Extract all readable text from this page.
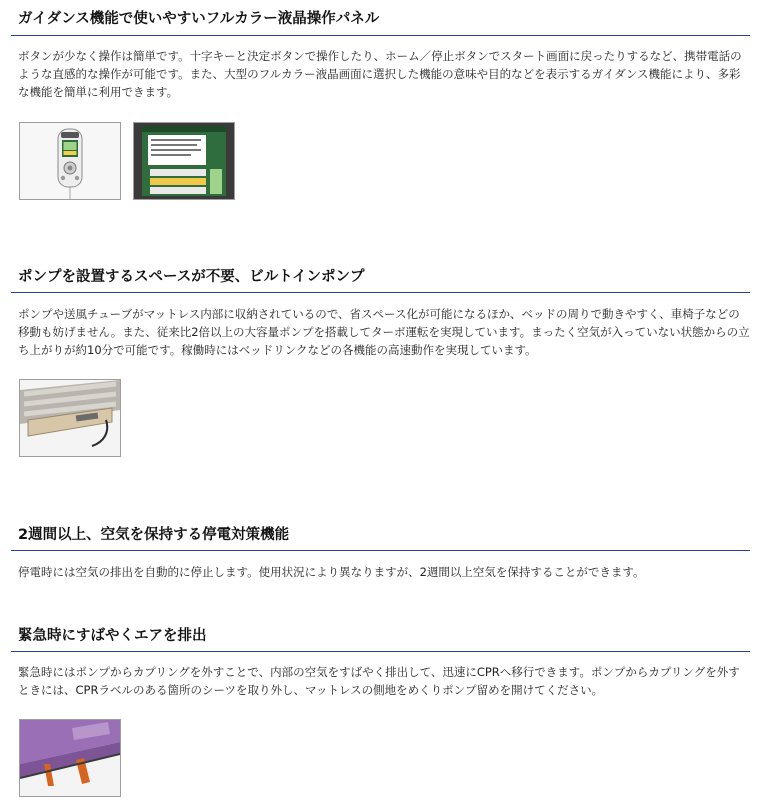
ガイダンス機能で使いやすいフルカラー液晶操作パネル

ボタンが少なく操作は簡単です。十字キーと決定ボタンで操作したり、ホーム／停止ボタンでスタート画面に戻ったりするなど、携帯電話のような直感的な操作が可能です。また、大型のフルカラー液晶画面に選択した機能の意味や目的などを表示するガイダンス機能により、多彩な機能を簡単に利用できます。

ポンプを設置するスペースが不要、ビルトインポンプ

ポンプや送風チューブがマットレス内部に収納されているので、省スペース化が可能になるほか、ベッドの周りで動きやすく、車椅子などの移動も妨げません。また、従来比2倍以上の大容量ポンプを搭載してターボ運転を実現しています。まったく空気が入っていない状態からの立ち上がりが約10分で可能です。稼働時にはベッドリンクなどの各機能の高速動作を実現しています。

2週間以上、空気を保持する停電対策機能

停電時には空気の排出を自動的に停止します。使用状況により異なりますが、2週間以上空気を保持することができます。

緊急時にすばやくエアを排出

緊急時にはポンプからカプリングを外すことで、内部の空気をすばやく排出して、迅速にCPRへ移行できます。ポンプからカプリングを外すときには、CPRラベルのある箇所のシーツを取り外し、マットレスの側地をめくりポンプ留めを開けてください。
